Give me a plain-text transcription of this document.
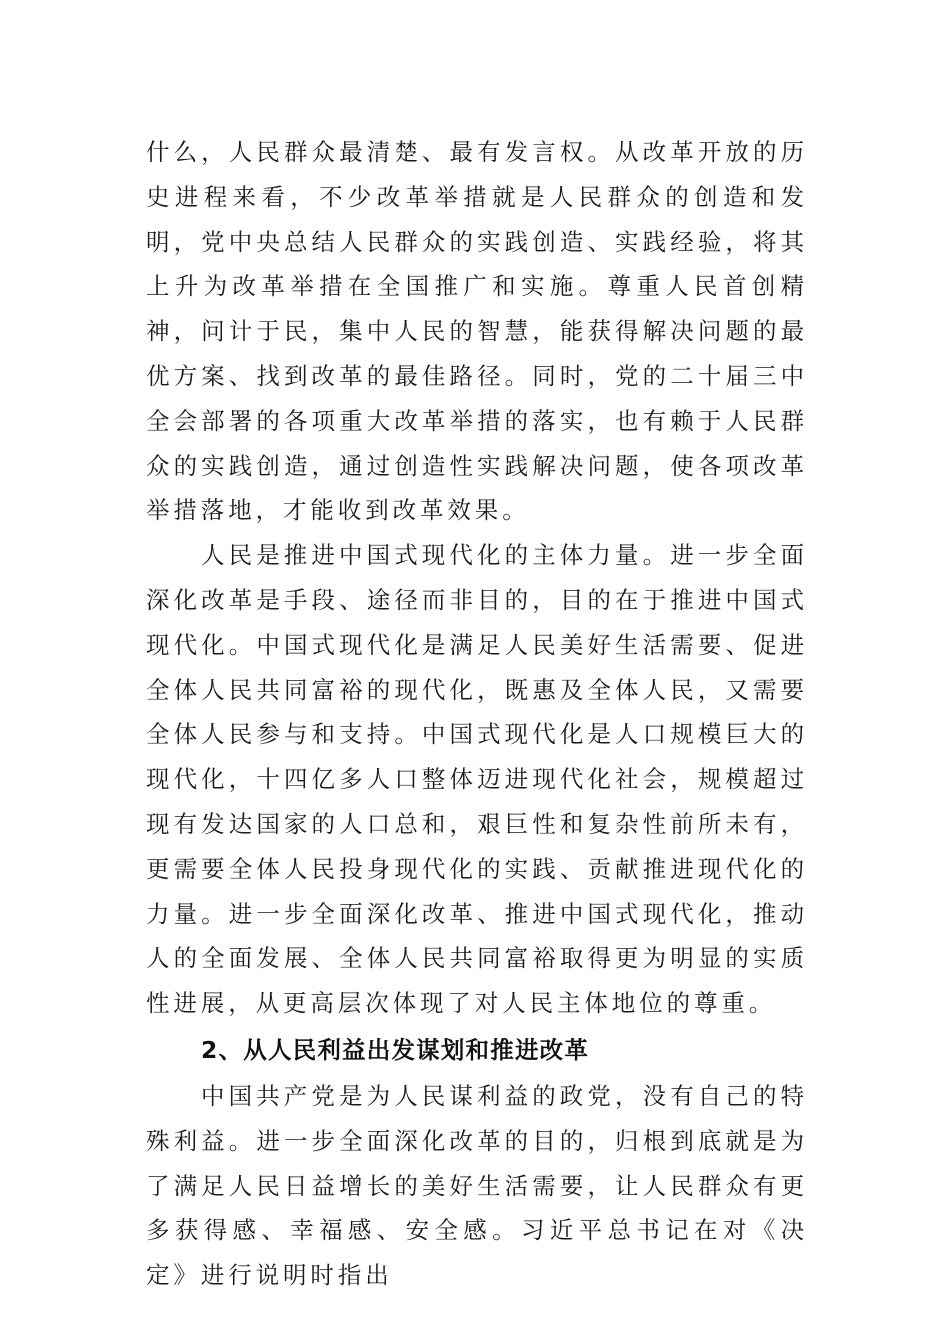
什么，人民群众最清楚、最有发言权。从改革开放的历史进程来看，不少改革举措就是人民群众的创造和发明，党中央总结人民群众的实践创造、实践经验，将其上升为改革举措在全国推广和实施。尊重人民首创精神，问计于民，集中人民的智慧，能获得解决问题的最优方案、找到改革的最佳路径。同时，党的二十届三中全会部署的各项重大改革举措的落实，也有赖于人民群众的实践创造，通过创造性实践解决问题，使各项改革举措落地，才能收到改革效果。

人民是推进中国式现代化的主体力量。进一步全面深化改革是手段、途径而非目的，目的在于推进中国式现代化。中国式现代化是满足人民美好生活需要、促进全体人民共同富裕的现代化，既惠及全体人民，又需要全体人民参与和支持。中国式现代化是人口规模巨大的现代化，十四亿多人口整体迈进现代化社会，规模超过现有发达国家的人口总和，艰巨性和复杂性前所未有，更需要全体人民投身现代化的实践、贡献推进现代化的力量。进一步全面深化改革、推进中国式现代化，推动人的全面发展、全体人民共同富裕取得更为明显的实质性进展，从更高层次体现了对人民主体地位的尊重。

2、从人民利益出发谋划和推进改革

中国共产党是为人民谋利益的政党，没有自己的特殊利益。进一步全面深化改革的目的，归根到底就是为了满足人民日益增长的美好生活需要，让人民群众有更多获得感、幸福感、安全感。习近平总书记在对《决定》进行说明时指出
